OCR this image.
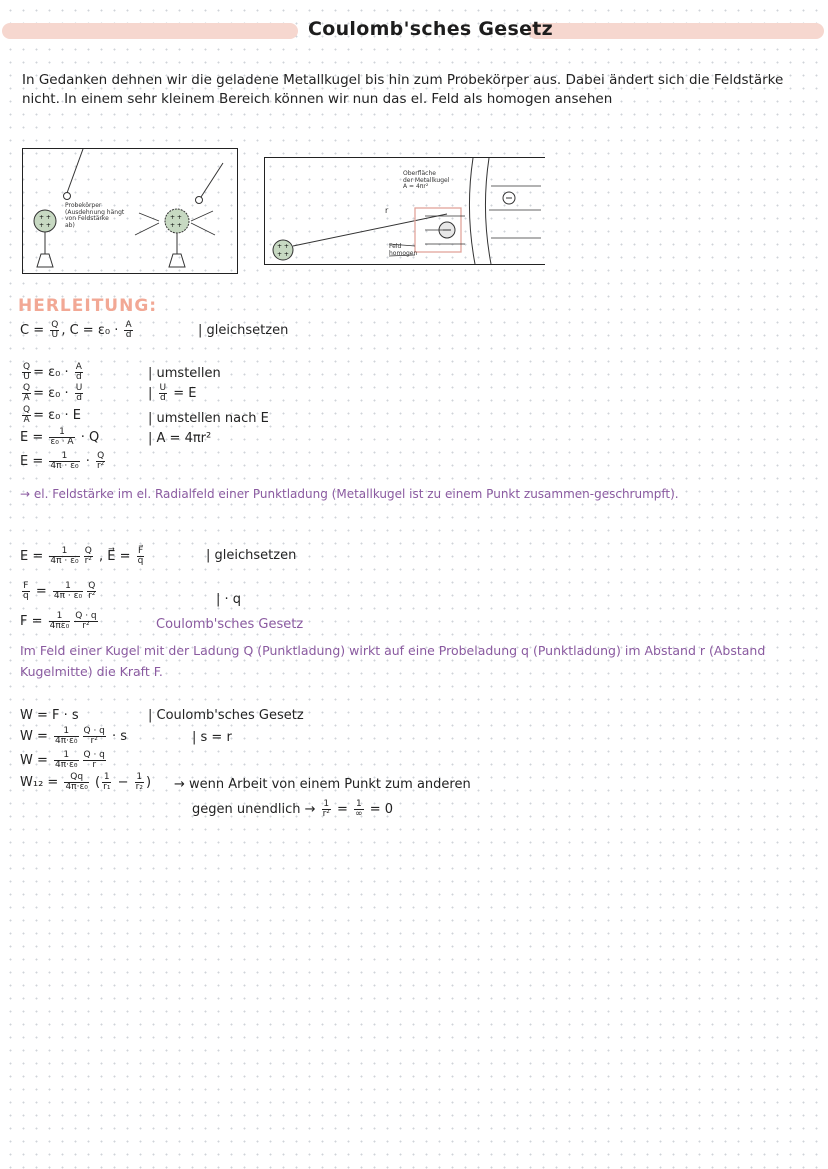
Coulomb'sches Gesetz
In Gedanken dehnen wir die geladene Metallkugel bis hin zum Probekörper aus. Dabei ändert sich die Feldstärke nicht. In einem sehr kleinem Bereich können wir nun das el. Feld als homogen ansehen
+ +
+ +
+ +
+ +
Probekörper
(Ausdehnung hängt
von Feldstärke
ab)
+ +
+ +
Oberfläche
der Metallkugel
A = 4πr²
r
Feld
homogen
HERLEITUNG:
$C = \frac{Q}{U}$ , $C = \varepsilon_0 \cdot \frac{A}{d}$	| gleichsetzen
$\frac{Q}{U} = \varepsilon_0 \cdot \frac{A}{d}$	| umstellen
$\frac{Q}{A} = \varepsilon_0 \cdot \frac{U}{d}$	| $\frac{U}{d} = E$
$\frac{Q}{A} = \varepsilon_0 \cdot E$	| umstellen nach E
$E = \frac{1}{\text{ε₀ · A}} \cdot Q$	| A = 4πr²
$E = \frac{1}{\text{4π · ε₀}} \cdot \frac{Q}{\text{r²}}$
→ el. Feldstärke im el. Radialfeld einer Punktladung (Metallkugel ist zu einem Punkt zusammen-geschrumpft).
$E = \frac{1}{\text{4π · ε₀}} \frac{Q}{\text{r²}}$ , E⃗ = $\frac{F⃗}{q}$	| gleichsetzen
$\frac{F}{q} = \frac{1}{\text{4π · ε₀}} \frac{Q}{\text{r²}}$	| · q
$F = \frac{1}{\text{4πε₀}} \frac{Q \cdot q}{\text{r²}}$	Coulomb'sches Gesetz
Im Feld einer Kugel mit der Ladung Q (Punktladung) wirkt auf eine Probeladung q (Punktladung) im Abstand r (Abstand Kugelmitte) die Kraft F.
W = F · s	| Coulomb'sches Gesetz
$W = \frac{1}{\text{4π·ε₀}} \frac{Q \cdot q}{\text{r²}} \cdot s$	| s = r
$W = \frac{1}{\text{4π·ε₀}} \frac{Q \cdot q}{r}$
$W_{12} = \frac{Qq}{\text{4π·ε₀}}$ ( $\frac{1}{\text{r₁}} - \frac{1}{\text{r₂}}$ ) → wenn Arbeit von einem Punkt zum anderen
gegen unendlich → $\frac{1}{\text{r²}} = \frac{1}{\infty} = 0$
